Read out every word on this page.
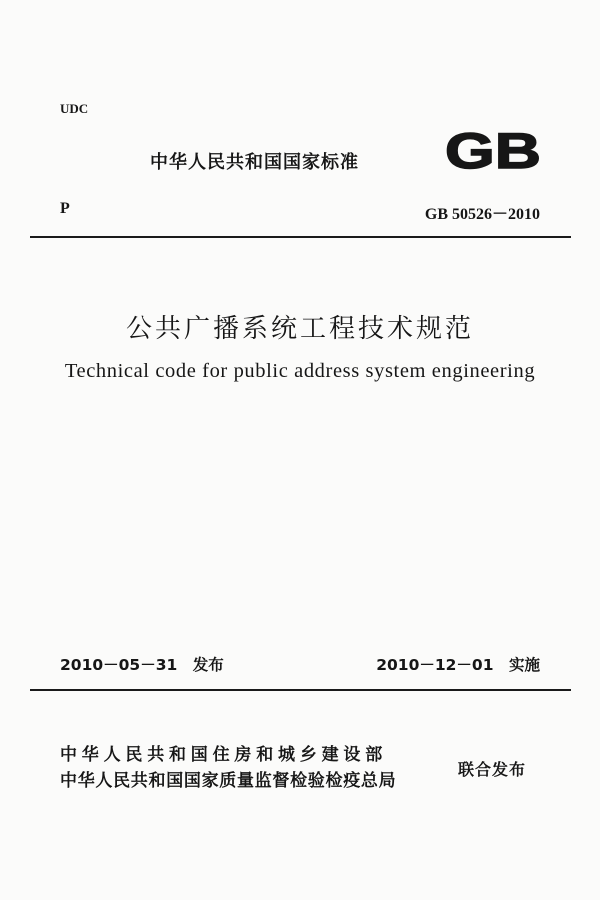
UDC
中华人民共和国国家标准 GB
P	GB 50526－2010
公共广播系统工程技术规范
Technical code for public address system engineering
2010－05－31　发布	2010－12－01　实施
中华人民共和国住房和城乡建设部
中华人民共和国国家质量监督检验检疫总局
联合发布
